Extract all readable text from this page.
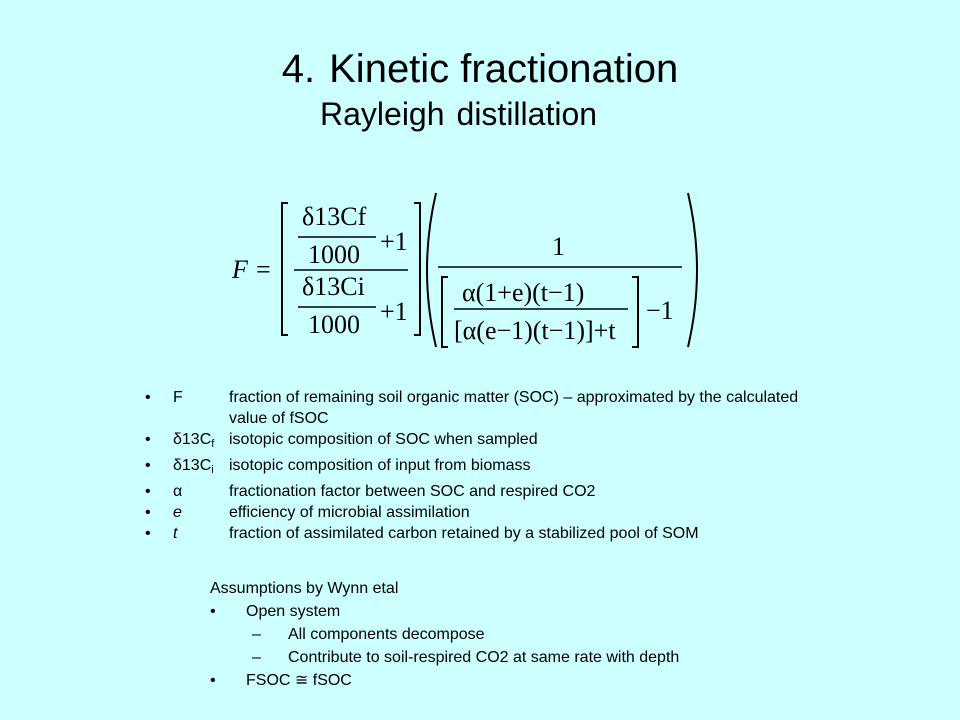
4. Kinetic fractionation
Rayleigh distillation
F =
δ13Cf
1000 +1
δ13Ci
1000 +1
1
α(1+e)(t−1)
[α(e−1)(t−1)]+t
−1
•	F	fraction of remaining soil organic matter (SOC) – approximated by the calculated value of fSOC
•	$\delta 13C_f$ isotopic composition of SOC when sampled
•	$\delta 13C_i$ isotopic composition of input from biomass
•	α	fractionation factor between SOC and respired CO2
•	e	efficiency of microbial assimilation
•	t	fraction of assimilated carbon retained by a stabilized pool of SOM
Assumptions by Wynn etal
•	Open system
–	All components decompose
–	Contribute to soil-respired CO2 at same rate with depth
•	FSOC ≅ fSOC
